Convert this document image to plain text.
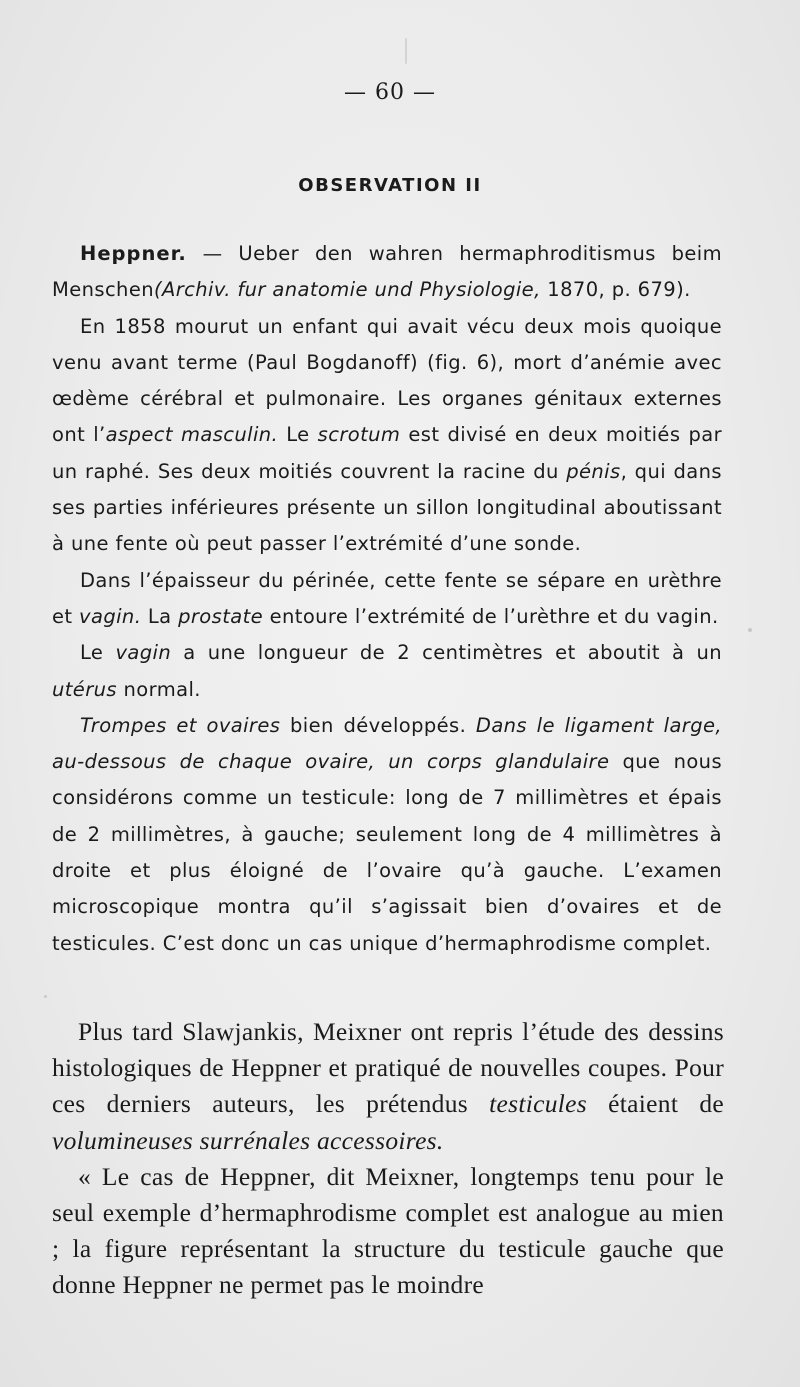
— 60 —
OBSERVATION II

Heppner. — Ueber den wahren hermaphroditismus beim Menschen(Archiv. fur anatomie und Physiologie, 1870, p. 679).

En 1858 mourut un enfant qui avait vécu deux mois quoique venu avant terme (Paul Bogdanoff) (fig. 6), mort d’anémie avec œdème cérébral et pulmonaire. Les organes génitaux externes ont l’aspect masculin. Le scrotum est divisé en deux moitiés par un raphé. Ses deux moitiés couvrent la racine du pénis, qui dans ses parties inférieures présente un sillon longitudinal aboutissant à une fente où peut passer l’extrémité d’une sonde.

Dans l’épaisseur du périnée, cette fente se sépare en urèthre et vagin. La prostate entoure l’extrémité de l’urèthre et du vagin.

Le vagin a une longueur de 2 centimètres et aboutit à un utérus normal.

Trompes et ovaires bien développés. Dans le ligament large, au-dessous de chaque ovaire, un corps glandulaire que nous considérons comme un testicule: long de 7 millimètres et épais de 2 millimètres, à gauche; seulement long de 4 millimètres à droite et plus éloigné de l’ovaire qu’à gauche. L’examen microscopique montra qu’il s’agissait bien d’ovaires et de testicules. C’est donc un cas unique d’hermaphrodisme complet.

Plus tard Slawjankis, Meixner ont repris l’étude des dessins histologiques de Heppner et pratiqué de nouvelles coupes. Pour ces derniers auteurs, les prétendus testicules étaient de volumineuses surrénales accessoires.

« Le cas de Heppner, dit Meixner, longtemps tenu pour le seul exemple d’hermaphrodisme complet est analogue au mien ; la figure représentant la structure du testicule gauche que donne Heppner ne permet pas le moindre
